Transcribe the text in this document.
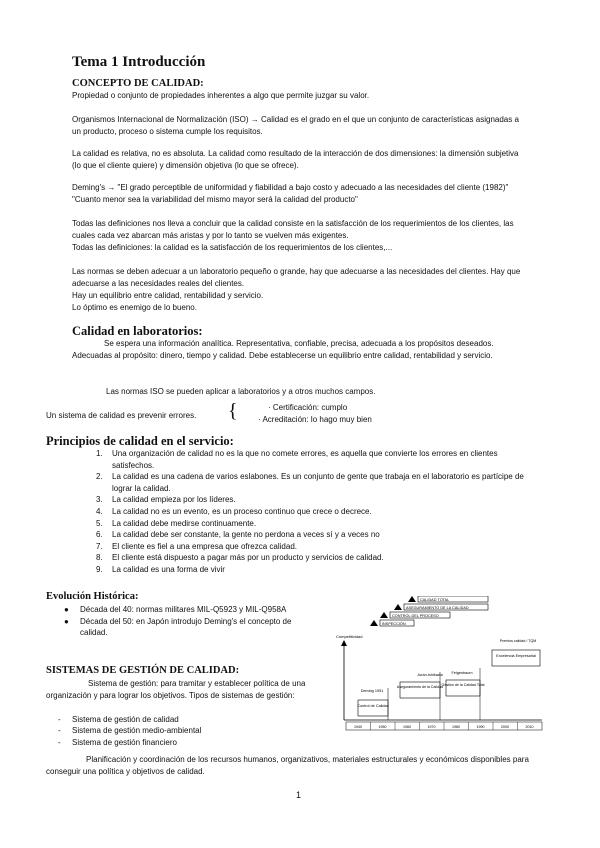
Tema 1 Introducción
CONCEPTO DE CALIDAD:

Propiedad o conjunto de propiedades inherentes a algo que permite juzgar su valor.

Organismos Internacional de Normalización (ISO) → Calidad es el grado en el que un conjunto de características asignadas a un producto, proceso o sistema cumple los requisitos.

La calidad es relativa, no es absoluta. La calidad como resultado de la interacción de dos dimensiones: la dimensión subjetiva (lo que el cliente quiere) y dimensión objetiva (lo que se ofrece).

Deming's → "El grado perceptible de uniformidad y fiabilidad a bajo costo y adecuado a las necesidades del cliente (1982)" "Cuanto menor sea la variabilidad del mismo mayor será la calidad del producto"

Todas las definiciones nos lleva a concluir que la calidad consiste en la satisfacción de los requerimientos de los clientes, las cuales cada vez abarcan más aristas y por lo tanto se vuelven más exigentes.

Todas las definiciones: la calidad es la satisfacción de los requerimientos de los clientes,...

Las normas se deben adecuar a un laboratorio pequeño o grande, hay que adecuarse a las necesidades del clientes. Hay que adecuarse a las necesidades reales del clientes.

Hay un equilibrio entre calidad, rentabilidad y servicio.

Lo óptimo es enemigo de lo bueno.

Calidad en laboratorios:

Se espera una información analítica. Representativa, confiable, precisa, adecuada a los propósitos deseados. Adecuadas al propósito: dinero, tiempo y calidad. Debe establecerse un equilibrio entre calidad, rentabilidad y servicio.

Las normas ISO se pueden aplicar a laboratorios y a otros muchos campos.

Un sistema de calidad es prevenir errores.	{	· Certificación: cumplo

· Acreditación: lo hago muy bien

Principios de calidad en el servicio:
1. Una organización de calidad no es la que no comete errores, es aquella que convierte los errores en clientes satisfechos.
2. La calidad es una cadena de varios eslabones. Es un conjunto de gente que trabaja en el laboratorio es partícipe de lograr la calidad.
3. La calidad empieza por los líderes.
4. La calidad no es un evento, es un proceso continuo que crece o decrece.
5. La calidad debe medirse continuamente.
6. La calidad debe ser constante, la gente no perdona a veces sí y a veces no
7. El cliente es fiel a una empresa que ofrezca calidad.
8. El cliente está dispuesto a pagar más por un producto y servicios de calidad.
9. La calidad es una forma de vivir
Evolución Histórica:
● Década del 40: normas militares MIL-Q5923 y MIL-Q958A
● Década del 50: en Japón introdujo Deming's el concepto de calidad.
CALIDAD TOTAL
ASEGURAMIENTO DE LA CALIDAD
CONTROL DEL PROCESO
INSPECCIÓN
Competitividad
Control de Calidad
Deming 1951
Aseguramiento de la Calidad
Juran-Ishikawa
Gestión de la Calidad Total
Feigenbaum
Excelencia Empresarial
Premios calidad / TQM
1940	1950	1960	1970	1980	1990	2000	2010
SISTEMAS DE GESTIÓN DE CALIDAD:

Sistema de gestión: para tramitar y establecer política de una organización y para lograr los objetivos. Tipos de sistemas de gestión:

- Sistema de gestión de calidad
- Sistema de gestión medio-ambiental
- Sistema de gestión financiero

Planificación y coordinación de los recursos humanos, organizativos, materiales estructurales y económicos disponibles para conseguir una política y objetivos de calidad.

1
